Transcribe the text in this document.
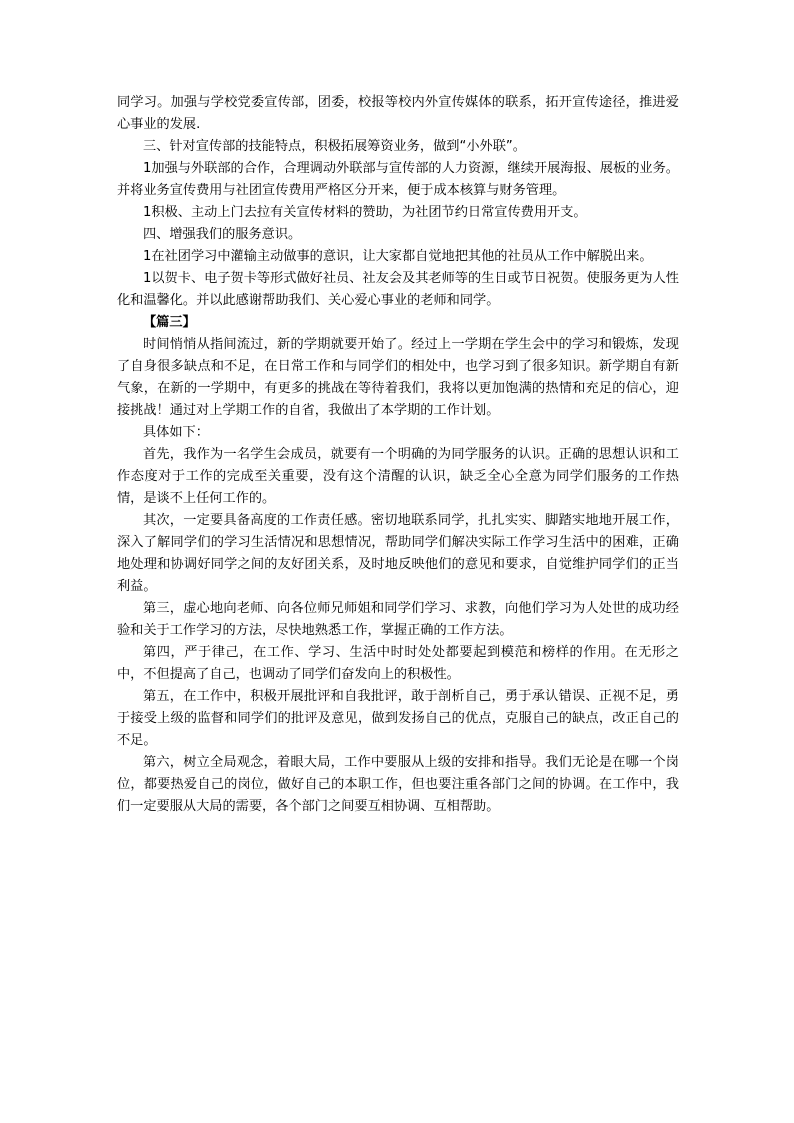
同学习。加强与学校党委宣传部，团委，校报等校内外宣传媒体的联系，拓开宣传途径，推进爱心事业的发展.

三、针对宣传部的技能特点，积极拓展筹资业务，做到“小外联”。

1加强与外联部的合作，合理调动外联部与宣传部的人力资源，继续开展海报、展板的业务。并将业务宣传费用与社团宣传费用严格区分开来，便于成本核算与财务管理。

1积极、主动上门去拉有关宣传材料的赞助，为社团节约日常宣传费用开支。

四、增强我们的服务意识。

1在社团学习中灌输主动做事的意识，让大家都自觉地把其他的社员从工作中解脱出来。

1以贺卡、电子贺卡等形式做好社员、社友会及其老师等的生日或节日祝贺。使服务更为人性化和温馨化。并以此感谢帮助我们、关心爱心事业的老师和同学。

【篇三】

时间悄悄从指间流过，新的学期就要开始了。经过上一学期在学生会中的学习和锻炼，发现了自身很多缺点和不足，在日常工作和与同学们的相处中，也学习到了很多知识。新学期自有新气象，在新的一学期中，有更多的挑战在等待着我们，我将以更加饱满的热情和充足的信心，迎接挑战！通过对上学期工作的自省，我做出了本学期的工作计划。

具体如下：

首先，我作为一名学生会成员，就要有一个明确的为同学服务的认识。正确的思想认识和工作态度对于工作的完成至关重要，没有这个清醒的认识，缺乏全心全意为同学们服务的工作热情，是谈不上任何工作的。

其次，一定要具备高度的工作责任感。密切地联系同学，扎扎实实、脚踏实地地开展工作，深入了解同学们的学习生活情况和思想情况，帮助同学们解决实际工作学习生活中的困难，正确地处理和协调好同学之间的友好团关系，及时地反映他们的意见和要求，自觉维护同学们的正当利益。

第三，虚心地向老师、向各位师兄师姐和同学们学习、求教，向他们学习为人处世的成功经验和关于工作学习的方法，尽快地熟悉工作，掌握正确的工作方法。

第四，严于律己，在工作、学习、生活中时时处处都要起到模范和榜样的作用。在无形之中，不但提高了自己，也调动了同学们奋发向上的积极性。

第五，在工作中，积极开展批评和自我批评，敢于剖析自己，勇于承认错误、正视不足，勇于接受上级的监督和同学们的批评及意见，做到发扬自己的优点，克服自己的缺点，改正自己的不足。

第六，树立全局观念，着眼大局，工作中要服从上级的安排和指导。我们无论是在哪一个岗位，都要热爱自己的岗位，做好自己的本职工作，但也要注重各部门之间的协调。在工作中，我们一定要服从大局的需要，各个部门之间要互相协调、互相帮助。
